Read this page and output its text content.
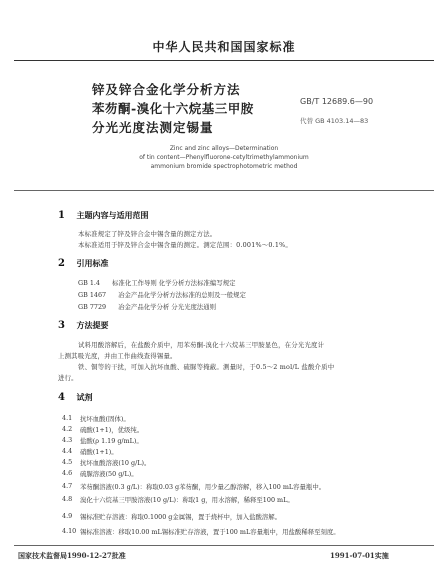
中华人民共和国国家标准
锌及锌合金化学分析方法
苯芴酮-溴化十六烷基三甲胺
分光光度法测定锡量
GB/T 12689.6—90
代替 GB 4103.14—83
Zinc and zinc alloys—Determination
of tin content—Phenylfluorone-cetyltrimethylammonium
ammonium bromide spectrophotometric method
1 主题内容与适用范围
本标准规定了锌及锌合金中锡含量的测定方法。
本标准适用于锌及锌合金中锡含量的测定。测定范围：0.001%～0.1%。
2 引用标准
GB 1.4 标准化工作导则 化学分析方法标准编写规定
GB 1467 冶金产品化学分析方法标准的总则及一般规定
GB 7729 冶金产品化学分析 分光光度法通则
3 方法提要
试料用酸溶解后，在盐酸介质中，用苯芴酮-溴化十六烷基三甲胺显色，在分光光度计
上测其吸光度，并由工作曲线查得锡量。
铁、铜等的干扰，可加入抗坏血酸、硫脲等掩蔽。测量时，于0.5～2 mol/L 盐酸介质中
进行。
4 试剂
4.1 抗坏血酸(固体)。
4.2 硫酸(1+1)，优级纯。
4.3 盐酸(ρ 1.19 g/mL)。
4.4 硝酸(1+1)。
4.5 抗坏血酸溶液(10 g/L)。
4.6 硫脲溶液(50 g/L)。
4.7 苯芴酮溶液(0.3 g/L)：称取0.03 g苯芴酮，用少量乙醇溶解，移入100 mL容量瓶中。
4.8 溴化十六烷基三甲胺溶液(10 g/L)：称取1 g，用水溶解，稀释至100 mL。
4.9 锡标准贮存溶液：称取0.1000 g金属锡，置于烧杯中，加入盐酸溶解。
4.10 锡标准溶液：移取10.00 mL锡标准贮存溶液，置于100 mL容量瓶中，用盐酸稀释至刻度。
国家技术监督局1990-12-27批准	1991-07-01实施
